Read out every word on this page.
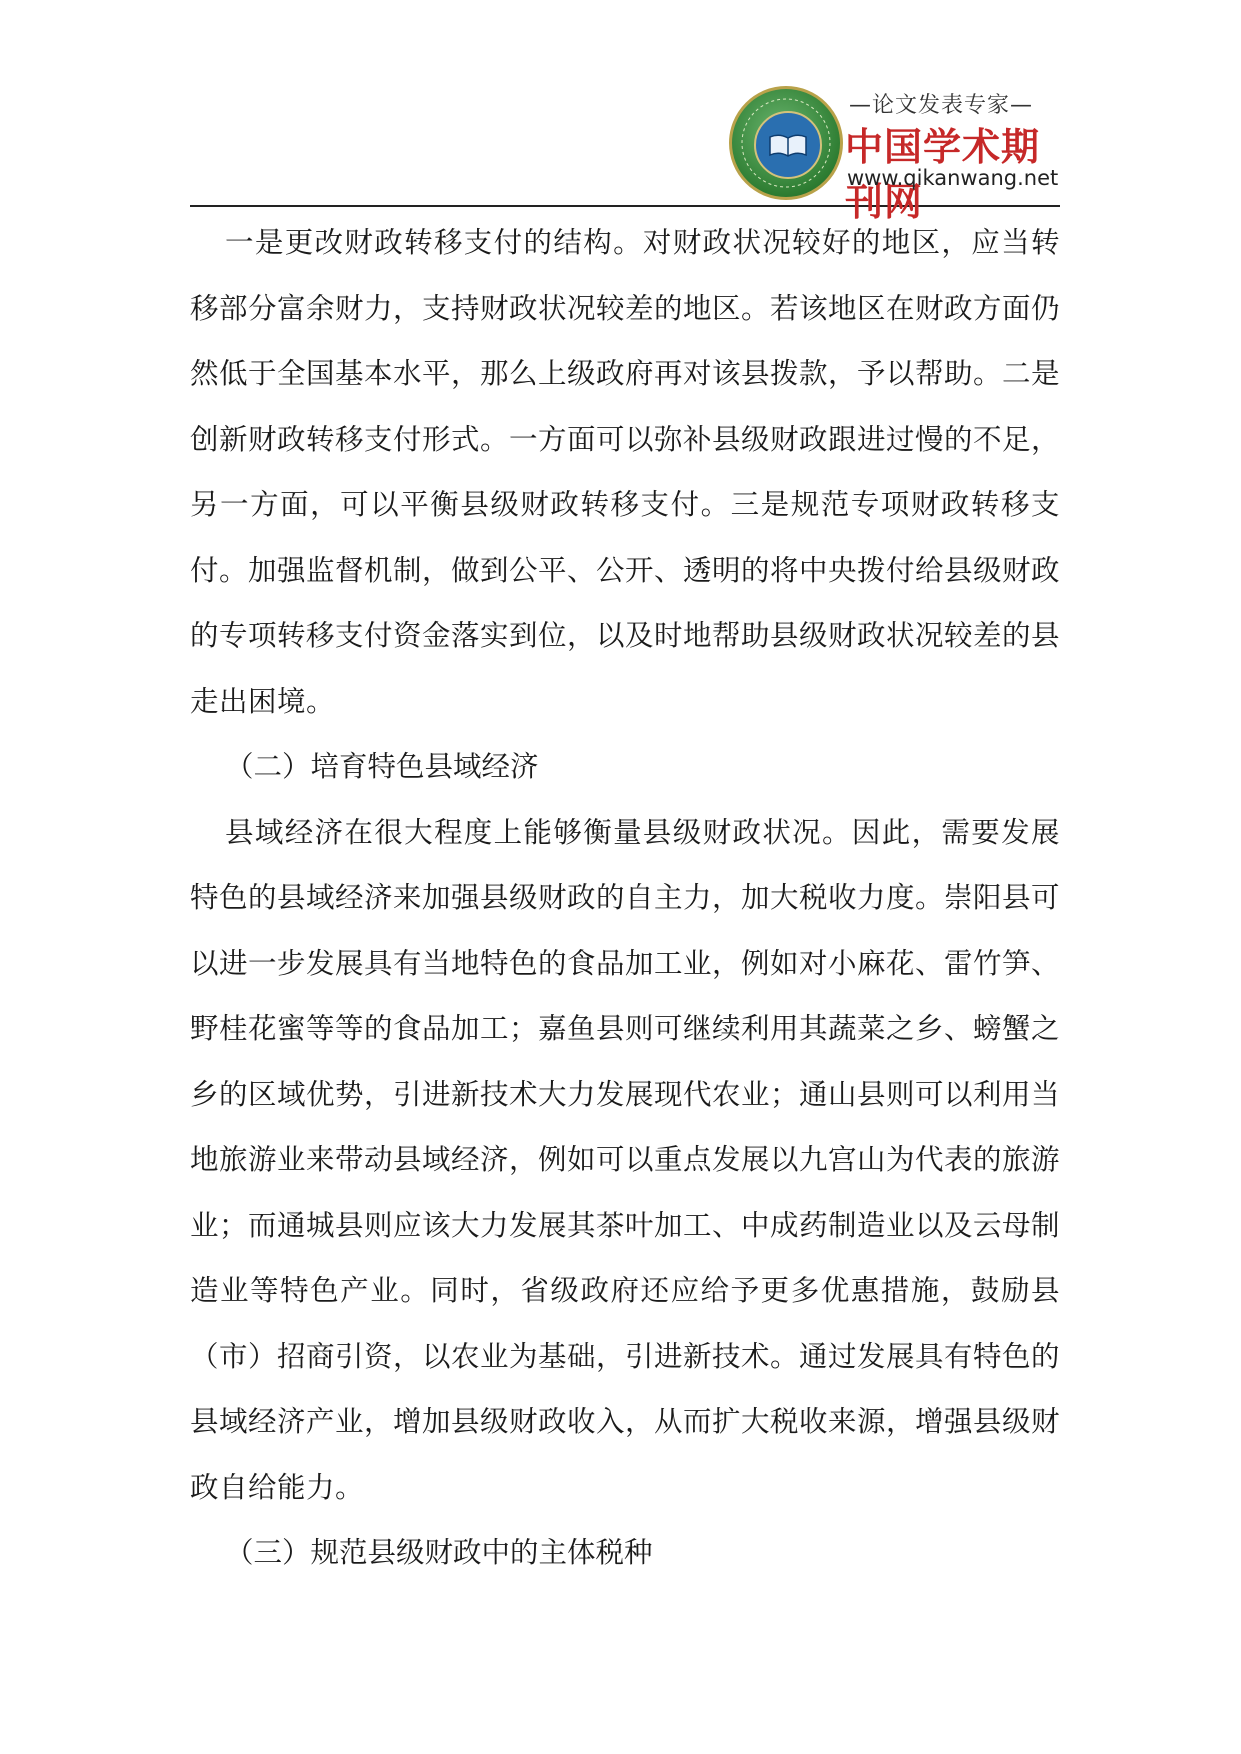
—论文发表专家—
中国学术期刊网
www.qikanwang.net

一是更改财政转移支付的结构。对财政状况较好的地区，应当转移部分富余财力，支持财政状况较差的地区。若该地区在财政方面仍然低于全国基本水平，那么上级政府再对该县拨款，予以帮助。二是创新财政转移支付形式。一方面可以弥补县级财政跟进过慢的不足，另一方面，可以平衡县级财政转移支付。三是规范专项财政转移支付。加强监督机制，做到公平、公开、透明的将中央拨付给县级财政的专项转移支付资金落实到位，以及时地帮助县级财政状况较差的县走出困境。

（二）培育特色县域经济

县域经济在很大程度上能够衡量县级财政状况。因此，需要发展特色的县域经济来加强县级财政的自主力，加大税收力度。崇阳县可以进一步发展具有当地特色的食品加工业，例如对小麻花、雷竹笋、野桂花蜜等等的食品加工；嘉鱼县则可继续利用其蔬菜之乡、螃蟹之乡的区域优势，引进新技术大力发展现代农业；通山县则可以利用当地旅游业来带动县域经济，例如可以重点发展以九宫山为代表的旅游业；而通城县则应该大力发展其茶叶加工、中成药制造业以及云母制造业等特色产业。同时，省级政府还应给予更多优惠措施，鼓励县（市）招商引资，以农业为基础，引进新技术。通过发展具有特色的县域经济产业，增加县级财政收入，从而扩大税收来源，增强县级财政自给能力。

（三）规范县级财政中的主体税种
